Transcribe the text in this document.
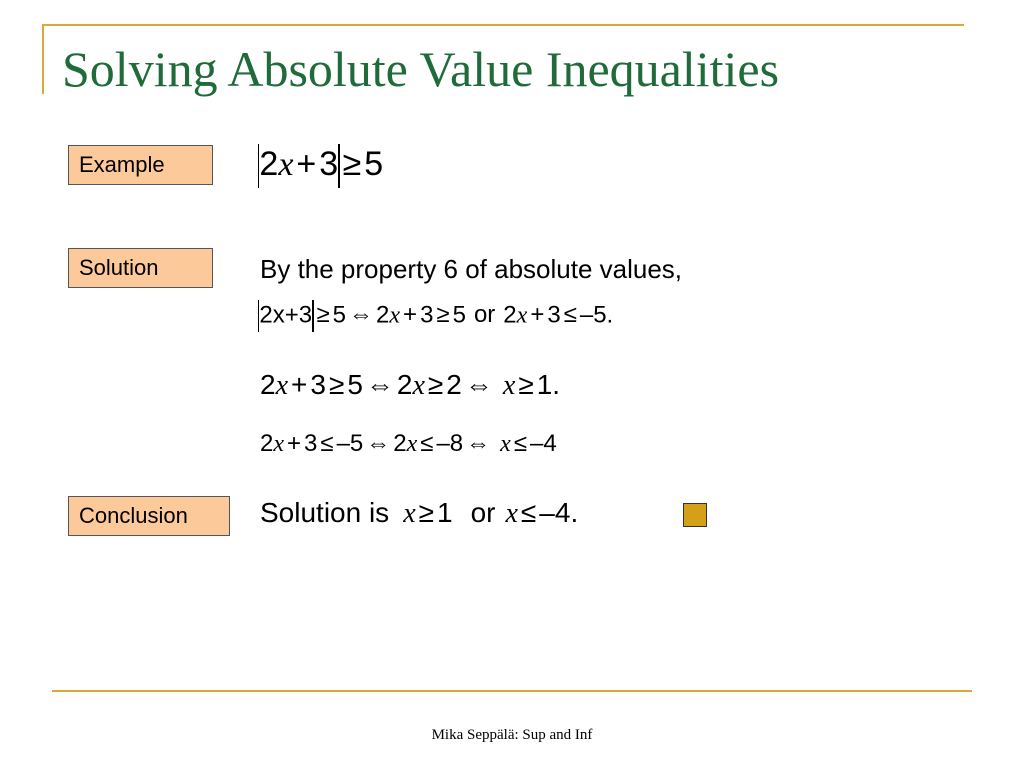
Solving Absolute Value Inequalities
Example	2x+3 ≥5
Solution	By the property 6 of absolute values,
2x+3 ≥ 5 ⇔ 2x + 3 ≥ 5 or 2x + 3 ≤ –5.
2x + 3 ≥ 5 ⇔ 2x ≥ 2 ⇔ x ≥ 1.
2x + 3 ≤ –5 ⇔ 2x ≤ –8 ⇔ x ≤ –4
Conclusion	Solution is x ≥ 1 or x ≤ –4.
Mika Seppälä: Sup and Inf
